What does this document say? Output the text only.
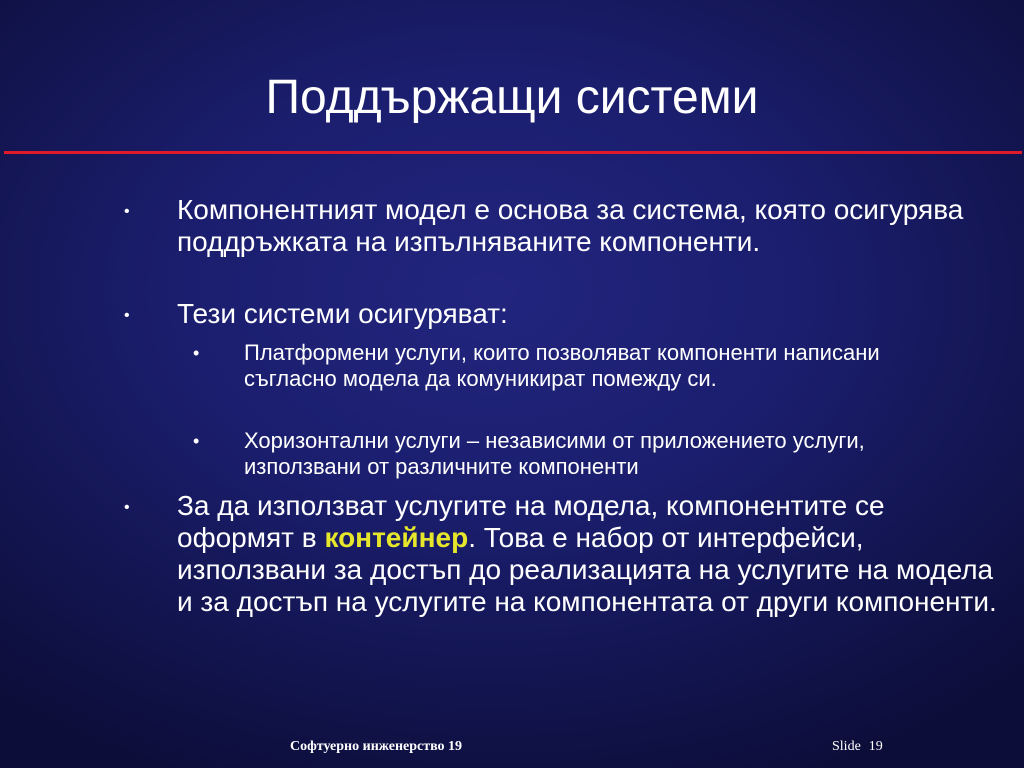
Поддържащи системи
• Компонентният модел е основа за система, която осигурява поддръжката на изпълняваните компоненти.
• Тези системи осигуряват:
• Платформени услуги, които позволяват компоненти написани съгласно модела да комуникират помежду си.
• Хоризонтални услуги – независими от приложението услуги, използвани от различните компоненти
• За да използват услугите на модела, компонентите се оформят в контейнер. Това е набор от интерфейси, използвани за достъп до реализацията на услугите на модела и за достъп на услугите на компонентата от други компоненти.
Софтуерно инженерство 19	Slide 19
